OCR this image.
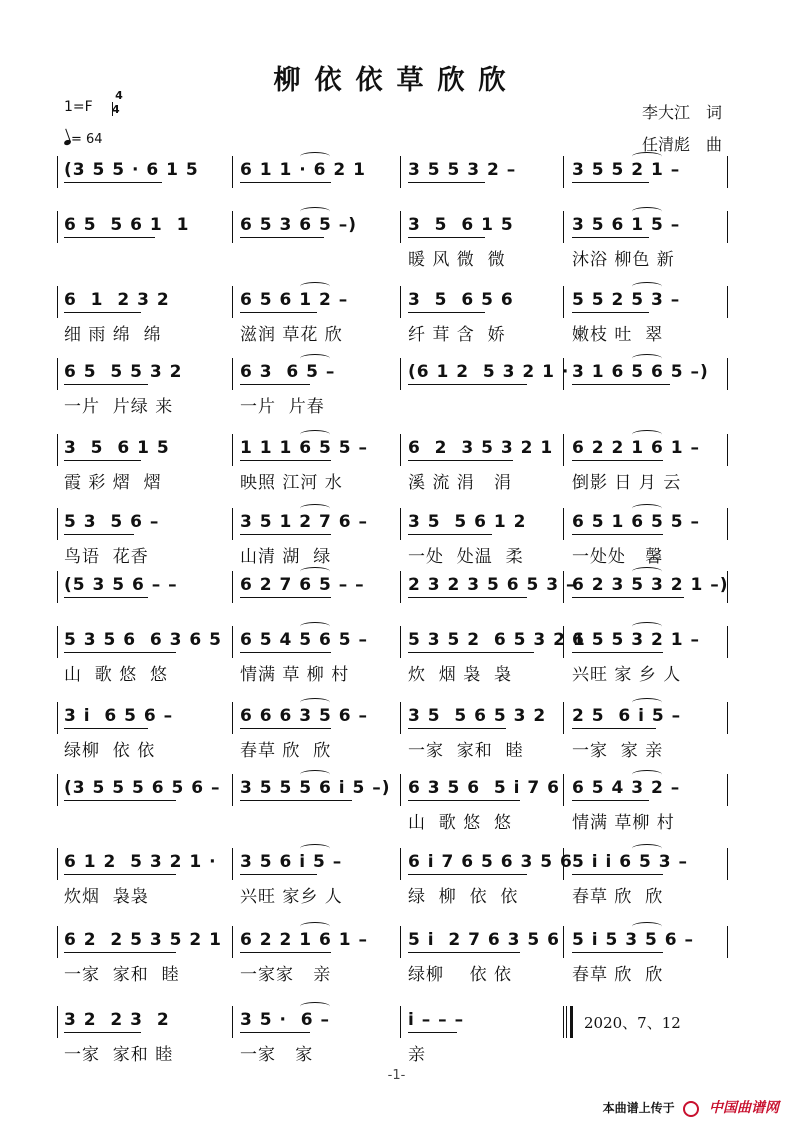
柳依依草欣欣
1=F
4
4
= 64
李大江　词
任清彪　曲
(3 5 5 · 6 1 5 6 1 1 · 6 2 1 3 5 5 3 2 –	3 5 5 2 1 –
6 5  5 6 1  1	6 5 3 6 5 –)	3  5  6 1 5
暖 风 微  微
3 5 6 1 5 –
沐浴 柳色 新
6  1  2 3 2
细 雨 绵  绵
6 5 6 1 2 –
滋润 草花 欣
3  5  6 5 6
纤 茸 含  娇
5 5 2 5 3 –
嫩枝 吐  翠
6 5  5 5 3 2
一片  片绿 来
6 3  6 5 –
一片  片春
(6 1 2  5 3 2 1 · 3 1 6 5 6 5 –)
3  5  6 1 5
霞 彩 熠  熠
1 1 1 6 5 5 –
映照 江河 水
6  2  3 5 3 2 1
溪 流 涓   涓
6 2 2 1 6 1 –
倒影 日 月 云
5 3  5 6 –
鸟语  花香
3 5 1 2 7 6 –
山清 湖  绿
3 5  5 6 1 2
一处  处温  柔
6 5 1 6 5 5 –
一处处   馨
(5 3 5 6 – –	6 2 7 6 5 – –	2 3 2 3 5 6 5 3 –
6 2 3 5 3 2 1 –)
5 3 5 6  6 3 6 5
山  歌 悠  悠
6 5 4 5 6 5 –
情满 草 柳 村
5 3 5 2  6 5 3 2 1
炊  烟 袅  袅
6 5 5 3 2 1 –
兴旺 家 乡 人
3 i  6 5 6 –
绿柳  依 依
6 6 6 3 5 6 –
春草 欣  欣
3 5  5 6 5 3 2
一家  家和  睦
2 5  6 i 5 –
一家  家 亲
(3 5 5 5 6 5 6 – 3 5 5 5 6 i 5 –) 6 3 5 6  5 i 7 6
山  歌 悠  悠
6 5 4 3 2 –
情满 草柳 村
6 1 2  5 3 2 1 ·
炊烟  袅袅
3 5 6 i 5 –
兴旺 家乡 人
6 i 7 6 5 6 3 5 6
绿  柳  依  依
5 i i 6 5 3 –
春草 欣  欣
6 2  2 5 3 5 2 1
一家  家和  睦
6 2 2 1 6 1 –
一家家   亲
5 i  2 7 6 3 5 6
绿柳    依 依
5 i 5 3 5 6 –
春草 欣  欣
3 2  2 3  2
一家  家和 睦
3 5 ·  6 –
一家   家
i – – –
亲
2020、7、12
-1-
本曲谱上传于 中国曲谱网
